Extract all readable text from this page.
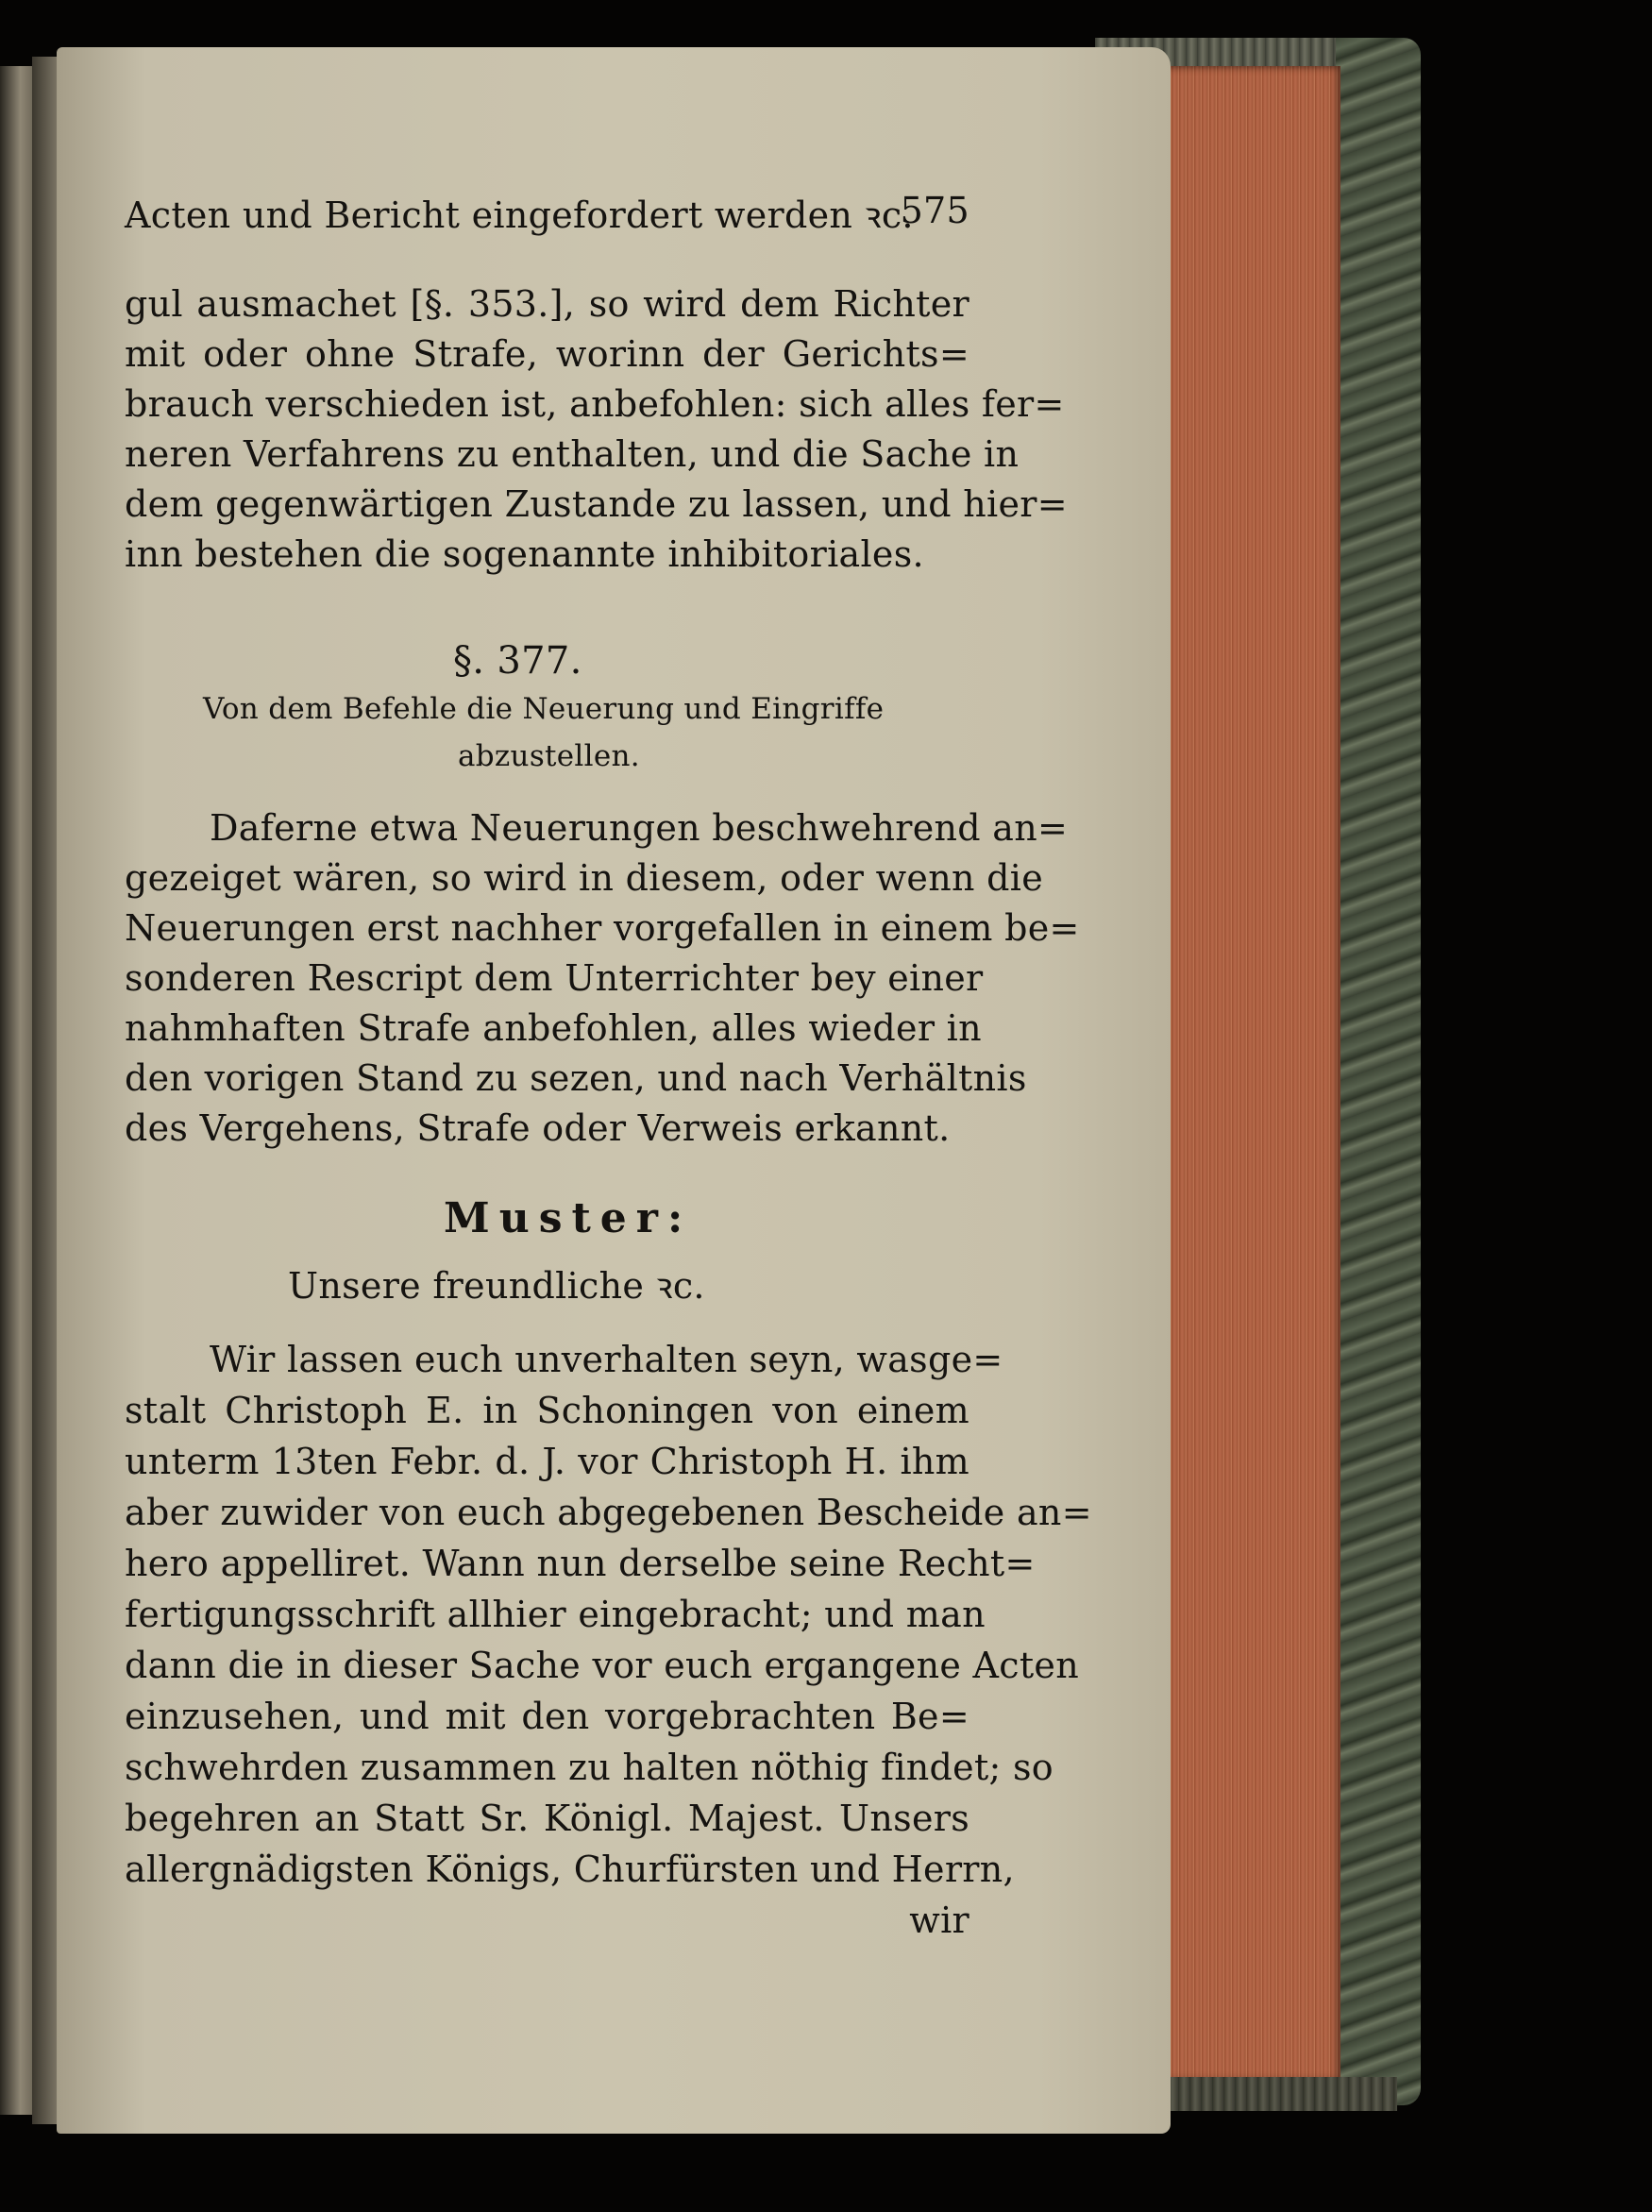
Acten und Bericht eingefordert werden ꝛc.
575
gul ausmachet [§. 353.], so wird dem Richter
mit oder ohne Strafe, worinn der Gerichts=
brauch verschieden ist, anbefohlen: sich alles fer=
neren Verfahrens zu enthalten, und die Sache in
dem gegenwärtigen Zustande zu lassen, und hier=
inn bestehen die sogenannte inhibitoriales.
§. 377.
Von dem Befehle die Neuerung und Eingriffe
abzustellen.
Daferne etwa Neuerungen beschwehrend an=
gezeiget wären, so wird in diesem, oder wenn die
Neuerungen erst nachher vorgefallen in einem be=
sonderen Rescript dem Unterrichter bey einer
nahmhaften Strafe anbefohlen, alles wieder in
den vorigen Stand zu sezen, und nach Verhältnis
des Vergehens, Strafe oder Verweis erkannt.
Muster:
Unsere freundliche ꝛc.
Wir lassen euch unverhalten seyn, wasge=
stalt Christoph E. in Schoningen von einem
unterm 13ten Febr. d. J. vor Christoph H. ihm
aber zuwider von euch abgegebenen Bescheide an=
hero appelliret. Wann nun derselbe seine Recht=
fertigungsschrift allhier eingebracht; und man
dann die in dieser Sache vor euch ergangene Acten
einzusehen, und mit den vorgebrachten Be=
schwehrden zusammen zu halten nöthig findet; so
begehren an Statt Sr. Königl. Majest. Unsers
allergnädigsten Königs, Churfürsten und Herrn,
wir
